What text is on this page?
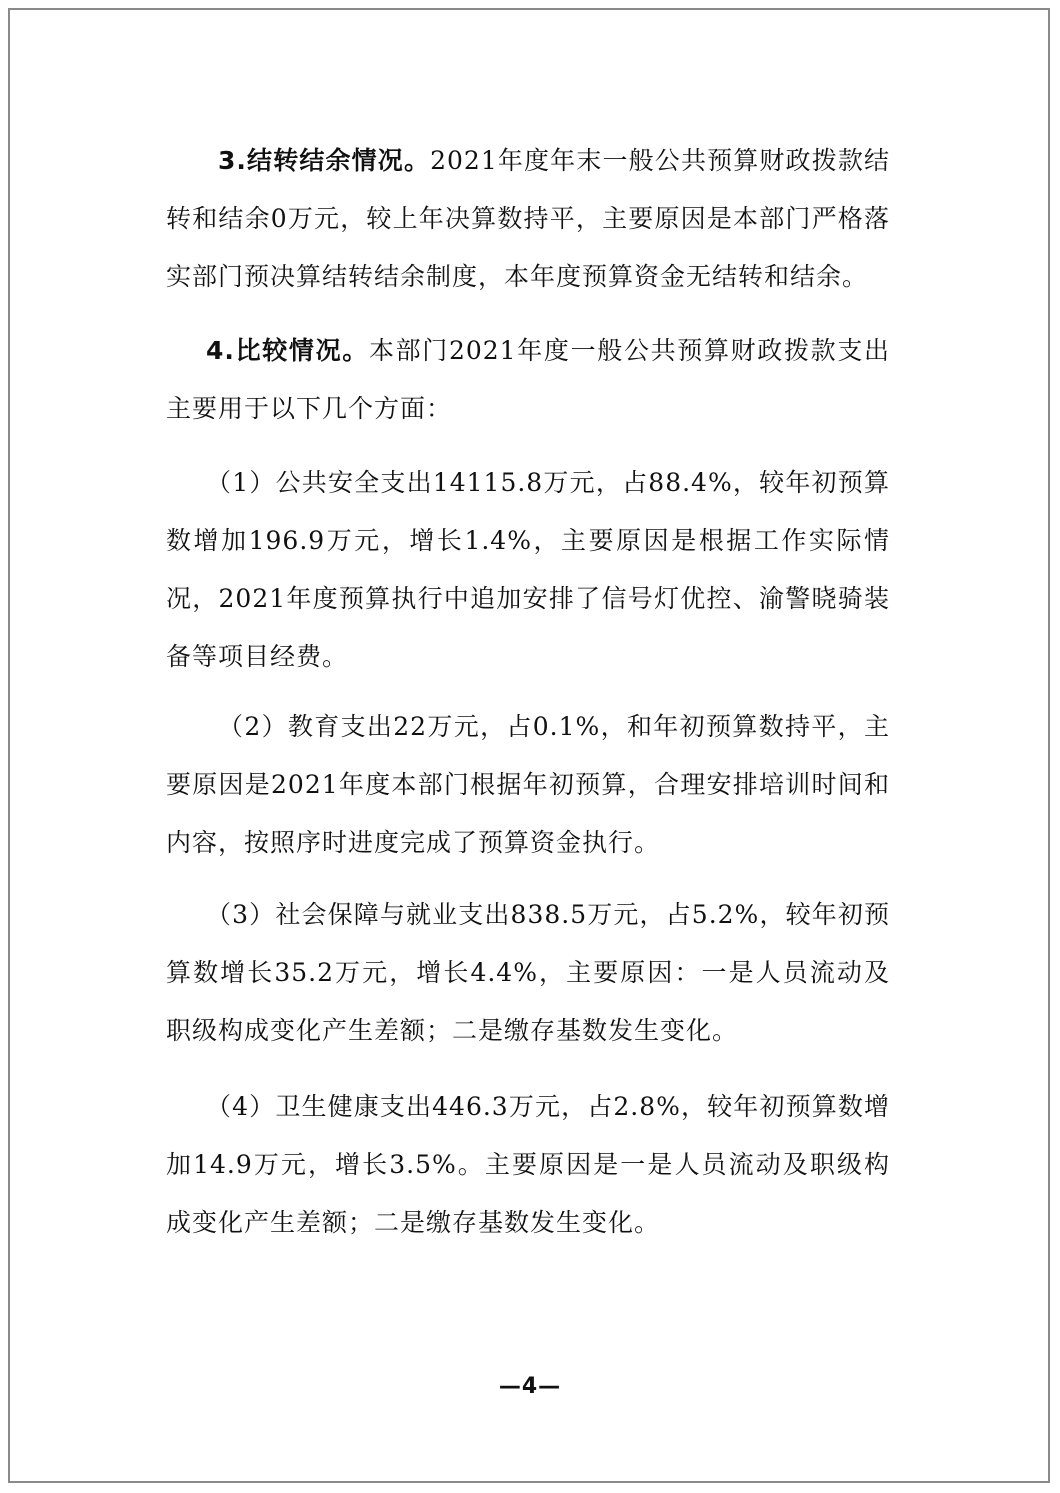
3.结转结余情况。2021年度年末一般公共预算财政拨款结转和结余0万元，较上年决算数持平，主要原因是本部门严格落实部门预决算结转结余制度，本年度预算资金无结转和结余。

4.比较情况。本部门2021年度一般公共预算财政拨款支出主要用于以下几个方面：

（1）公共安全支出14115.8万元，占88.4%，较年初预算数增加196.9万元，增长1.4%，主要原因是根据工作实际情况，2021年度预算执行中追加安排了信号灯优控、渝警晓骑装备等项目经费。

（2）教育支出22万元，占0.1%，和年初预算数持平，主要原因是2021年度本部门根据年初预算，合理安排培训时间和内容，按照序时进度完成了预算资金执行。

（3）社会保障与就业支出838.5万元，占5.2%，较年初预算数增长35.2万元，增长4.4%，主要原因：一是人员流动及职级构成变化产生差额；二是缴存基数发生变化。

（4）卫生健康支出446.3万元，占2.8%，较年初预算数增加14.9万元，增长3.5%。主要原因是一是人员流动及职级构成变化产生差额；二是缴存基数发生变化。

—4—
